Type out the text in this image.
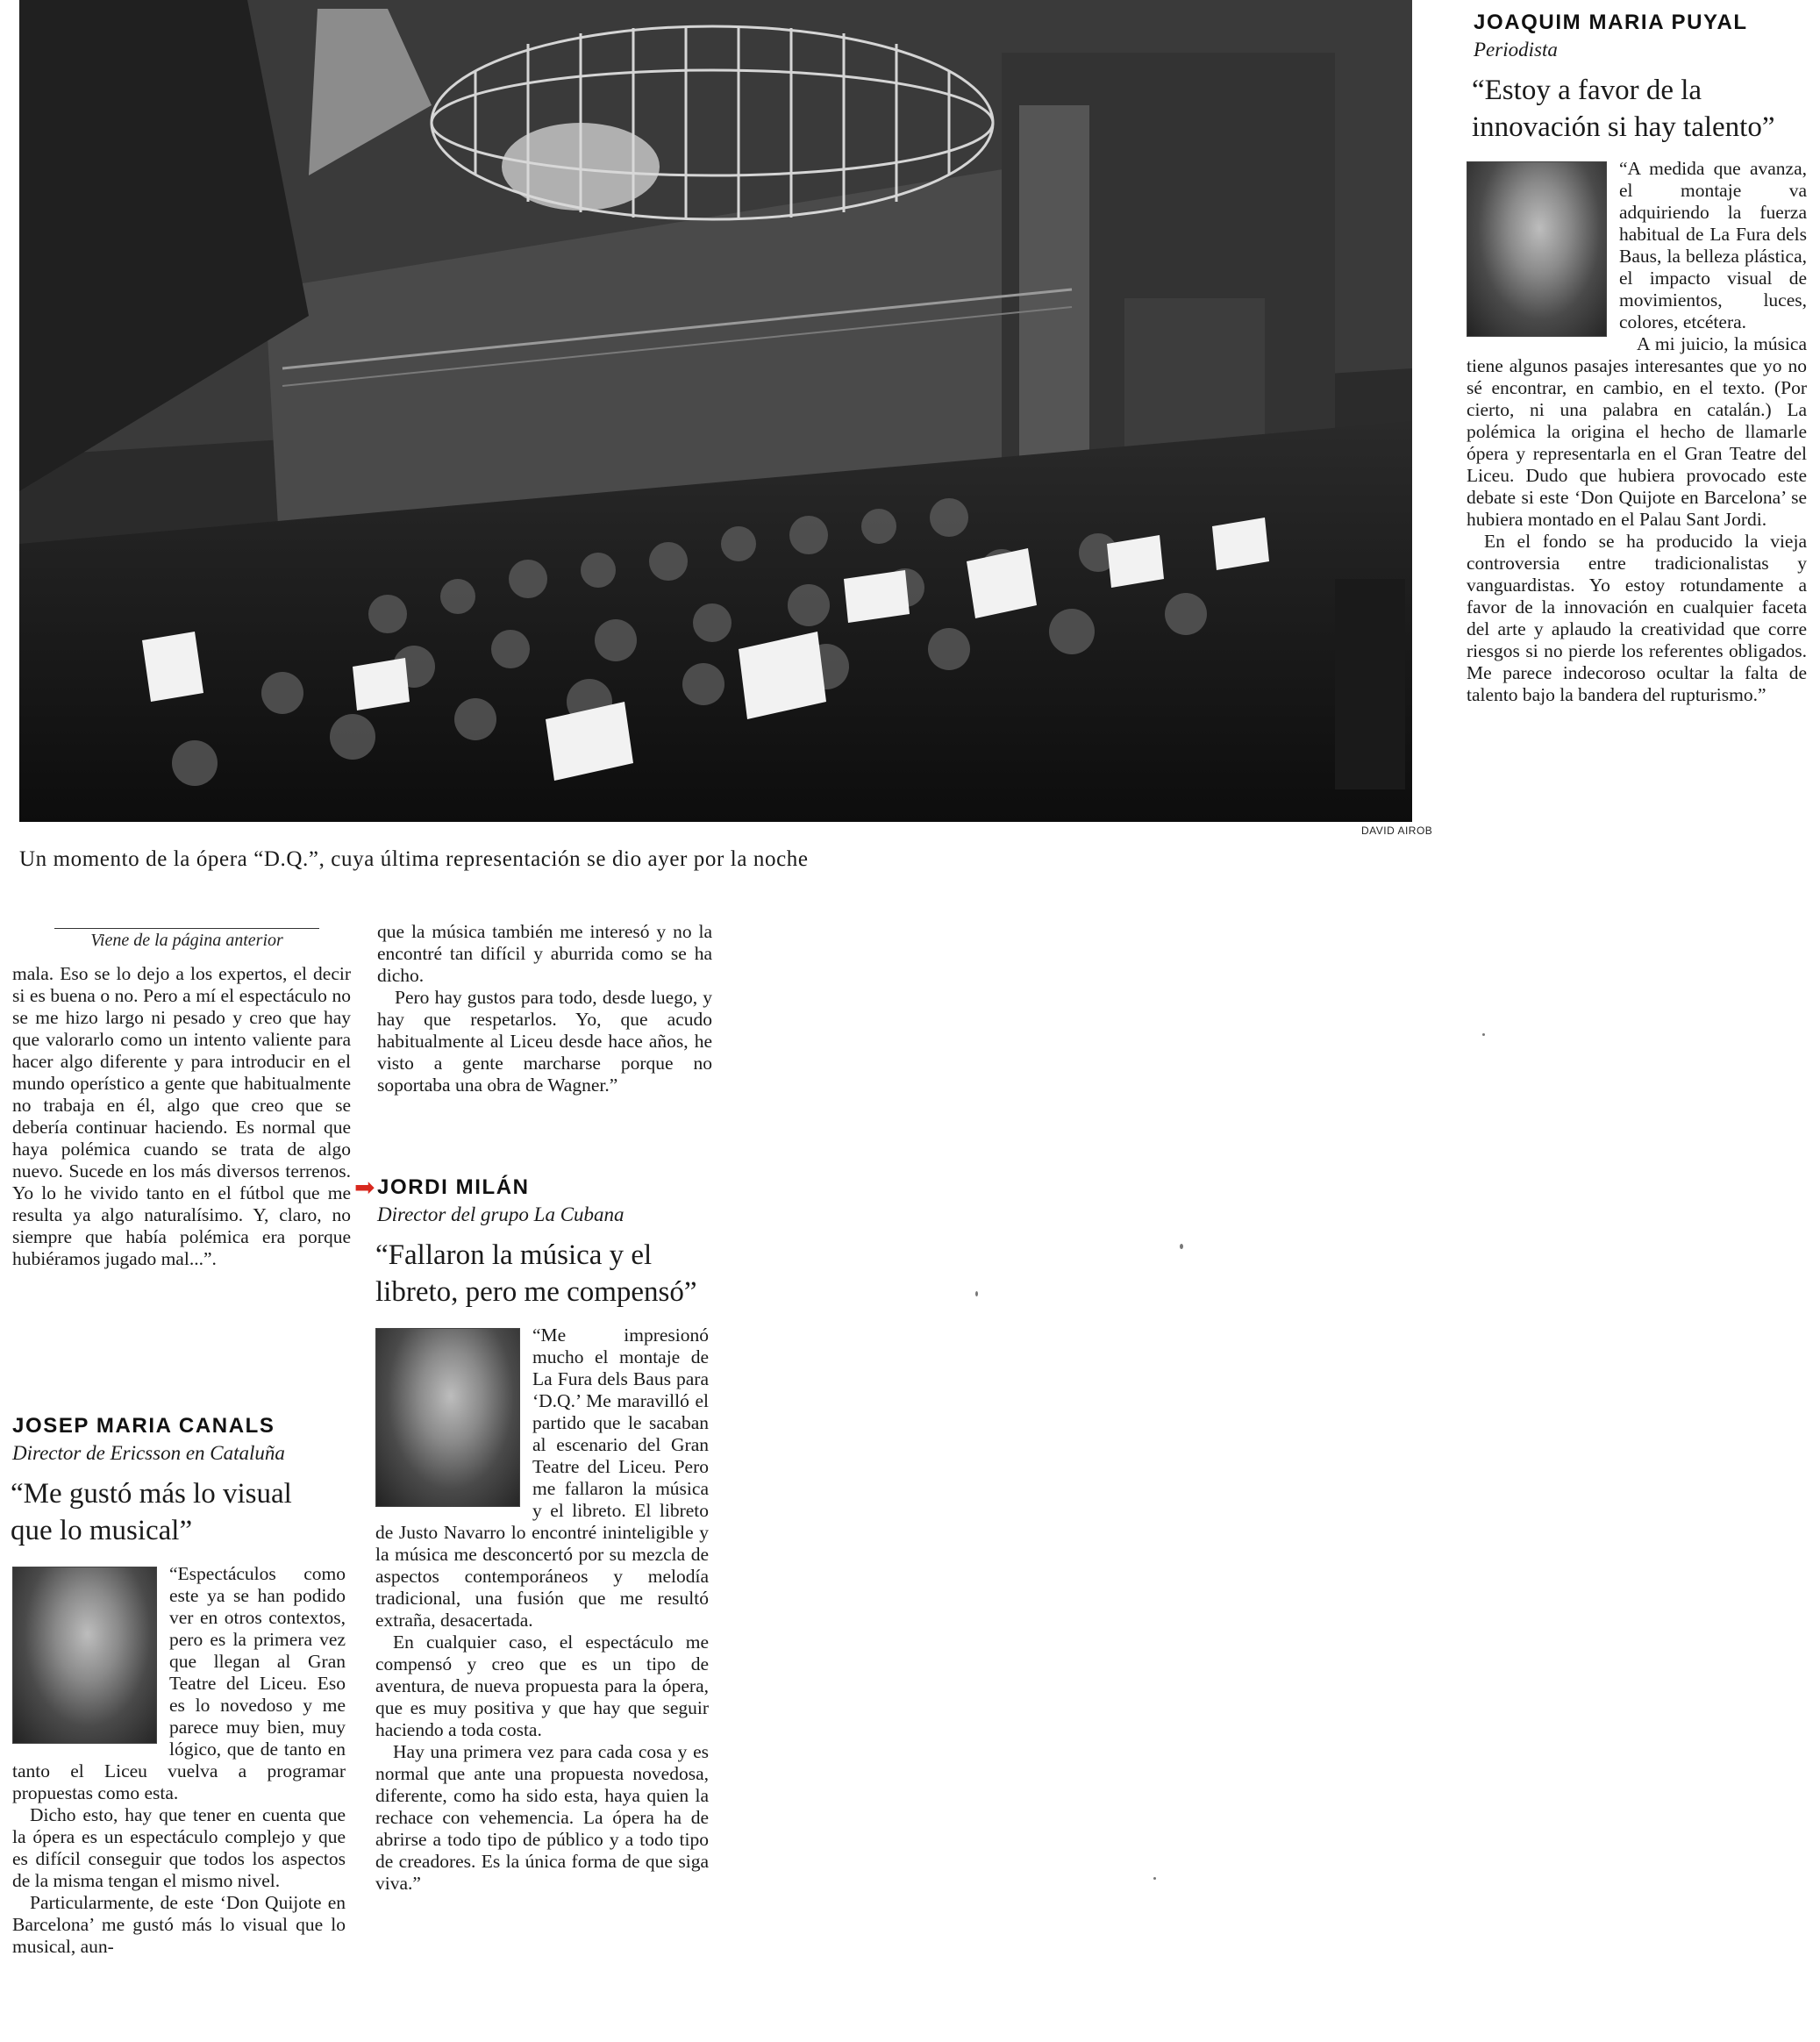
DAVID AIROB
Un momento de la ópera “D.Q.”, cuya última representación se dio ayer por la noche
JOAQUIM MARIA PUYAL
Periodista
“Estoy a favor de la innovación si hay talento”

“A medida que avanza, el montaje va adquiriendo la fuerza habitual de La Fura dels Baus, la belleza plástica, el impacto visual de movimientos, luces, colores, etcétera.

A mi juicio, la música tiene algunos pasajes interesantes que yo no sé encontrar, en cambio, en el texto. (Por cierto, ni una palabra en catalán.) La polémica la origina el hecho de llamarle ópera y representarla en el Gran Teatre del Liceu. Dudo que hubiera provocado este debate si este ‘Don Quijote en Barcelona’ se hubiera montado en el Palau Sant Jordi.

En el fondo se ha producido la vieja controversia entre tradicionalistas y vanguardistas. Yo estoy rotundamente a favor de la innovación en cualquier faceta del arte y aplaudo la creatividad que corre riesgos si no pierde los referentes obligados. Me parece indecoroso ocultar la falta de talento bajo la bandera del rupturismo.”

Viene de la página anterior

mala. Eso se lo dejo a los expertos, el decir si es buena o no. Pero a mí el espectáculo no se me hizo largo ni pesado y creo que hay que valorarlo como un intento valiente para hacer algo diferente y para introducir en el mundo operístico a gente que habitualmente no trabaja en él, algo que creo que se debería continuar haciendo. Es normal que haya polémica cuando se trata de algo nuevo. Sucede en los más diversos terrenos. Yo lo he vivido tanto en el fútbol que me resulta ya algo naturalísimo. Y, claro, no siempre que había polémica era porque hubiéramos jugado mal...”.

JOSEP MARIA CANALS
Director de Ericsson en Cataluña
“Me gustó más lo visual que lo musical”

“Espectáculos como este ya se han podido ver en otros contextos, pero es la primera vez que llegan al Gran Teatre del Liceu. Eso es lo novedoso y me parece muy bien, muy lógico, que de tanto en tanto el Liceu vuelva a programar propuestas como esta.

Dicho esto, hay que tener en cuenta que la ópera es un espectáculo complejo y que es difícil conseguir que todos los aspectos de la misma tengan el mismo nivel.

Particularmente, de este ‘Don Quijote en Barcelona’ me gustó más lo visual que lo musical, aun-

que la música también me interesó y no la encontré tan difícil y aburrida como se ha dicho.

Pero hay gustos para todo, desde luego, y hay que respetarlos. Yo, que acudo habitualmente al Liceu desde hace años, he visto a gente marcharse porque no soportaba una obra de Wagner.”

➡ JORDI MILÁN
Director del grupo La Cubana
“Fallaron la música y el libreto, pero me compensó”

“Me impresionó mucho el montaje de La Fura dels Baus para ‘D.Q.’ Me maravilló el partido que le sacaban al escenario del Gran Teatre del Liceu. Pero me fallaron la música y el libreto. El libreto de Justo Navarro lo encontré ininteligible y la música me desconcertó por su mezcla de aspectos contemporáneos y melodía tradicional, una fusión que me resultó extraña, desacertada.

En cualquier caso, el espectáculo me compensó y creo que es un tipo de aventura, de nueva propuesta para la ópera, que es muy positiva y que hay que seguir haciendo a toda costa.

Hay una primera vez para cada cosa y es normal que ante una propuesta novedosa, diferente, como ha sido esta, haya quien la rechace con vehemencia. La ópera ha de abrirse a todo tipo de público y a todo tipo de creadores. Es la única forma de que siga viva.”
